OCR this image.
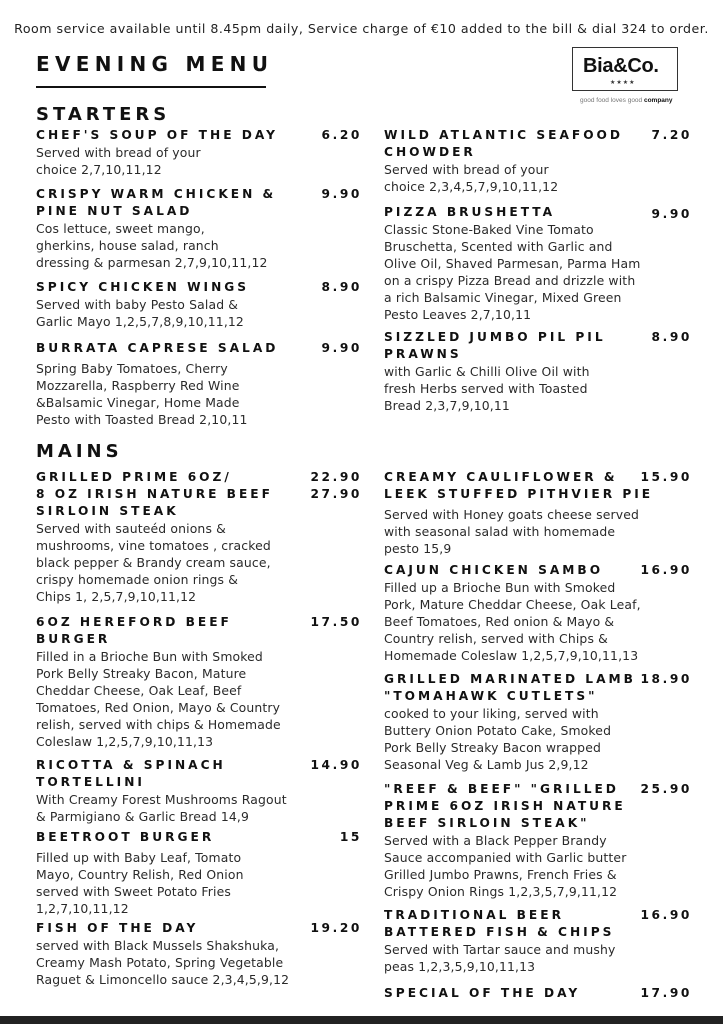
Room service available until 8.45pm daily, Service charge of €10 added to the bill & dial 324 to order.
EVENING MENU	Bia&Co.
★★★★
good food loves good company
STARTERS
MAINS
CHEF'S SOUP OF THE DAY
Served with bread of your
choice 2,7,10,11,12
6.20
CRISPY WARM CHICKEN &
PINE NUT SALAD
Cos lettuce, sweet mango,
gherkins, house salad, ranch
dressing & parmesan 2,7,9,10,11,12
9.90
SPICY CHICKEN WINGS
Served with baby Pesto Salad &
Garlic Mayo 1,2,5,7,8,9,10,11,12
8.90
BURRATA CAPRESE SALAD
Spring Baby Tomatoes, Cherry
Mozzarella, Raspberry Red Wine
&Balsamic Vinegar, Home Made
Pesto with Toasted Bread 2,10,11
9.90
WILD ATLANTIC SEAFOOD
CHOWDER
Served with bread of your
choice 2,3,4,5,7,9,10,11,12
7.20
PIZZA BRUSHETTA
Classic Stone-Baked Vine Tomato
Bruschetta, Scented with Garlic and
Olive Oil, Shaved Parmesan, Parma Ham
on a crispy Pizza Bread and drizzle with
a rich Balsamic Vinegar, Mixed Green
Pesto Leaves 2,7,10,11
9.90
SIZZLED JUMBO PIL PIL
PRAWNS
with Garlic & Chilli Olive Oil with
fresh Herbs served with Toasted
Bread 2,3,7,9,10,11
8.90
GRILLED PRIME 6OZ/
8 OZ IRISH NATURE BEEF
SIRLOIN STEAK
Served with sauteéd onions &
mushrooms, vine tomatoes , cracked
black pepper & Brandy cream sauce,
crispy homemade onion rings &
Chips 1, 2,5,7,9,10,11,12
22.90
27.90
6OZ HEREFORD BEEF
BURGER
Filled in a Brioche Bun with Smoked
Pork Belly Streaky Bacon, Mature
Cheddar Cheese, Oak Leaf, Beef
Tomatoes, Red Onion, Mayo & Country
relish, served with chips & Homemade
Coleslaw 1,2,5,7,9,10,11,13
17.50
RICOTTA & SPINACH
TORTELLINI
With Creamy Forest Mushrooms Ragout
& Parmigiano & Garlic Bread 14,9
14.90
BEETROOT BURGER
Filled up with Baby Leaf, Tomato
Mayo, Country Relish, Red Onion
served with Sweet Potato Fries
1,2,7,10,11,12
15
FISH OF THE DAY
served with Black Mussels Shakshuka,
Creamy Mash Potato, Spring Vegetable
Raguet & Limoncello sauce 2,3,4,5,9,12
19.20
CREAMY CAULIFLOWER &
LEEK STUFFED PITHVIER PIE
Served with Honey goats cheese served
with seasonal salad with homemade
pesto 15,9
15.90
CAJUN CHICKEN SAMBO
Filled up a Brioche Bun with Smoked
Pork, Mature Cheddar Cheese, Oak Leaf,
Beef Tomatoes, Red onion & Mayo &
Country relish, served with Chips &
Homemade Coleslaw 1,2,5,7,9,10,11,13
16.90
GRILLED MARINATED LAMB
"TOMAHAWK CUTLETS"
cooked to your liking, served with
Buttery Onion Potato Cake, Smoked
Pork Belly Streaky Bacon wrapped
Seasonal Veg & Lamb Jus 2,9,12
18.90
"REEF & BEEF" "GRILLED
PRIME 6OZ IRISH NATURE
BEEF SIRLOIN STEAK"
Served with a Black Pepper Brandy
Sauce accompanied with Garlic butter
Grilled Jumbo Prawns, French Fries &
Crispy Onion Rings 1,2,3,5,7,9,11,12
25.90
TRADITIONAL BEER
BATTERED FISH & CHIPS
Served with Tartar sauce and mushy
peas 1,2,3,5,9,10,11,13
16.90
SPECIAL OF THE DAY	17.90
